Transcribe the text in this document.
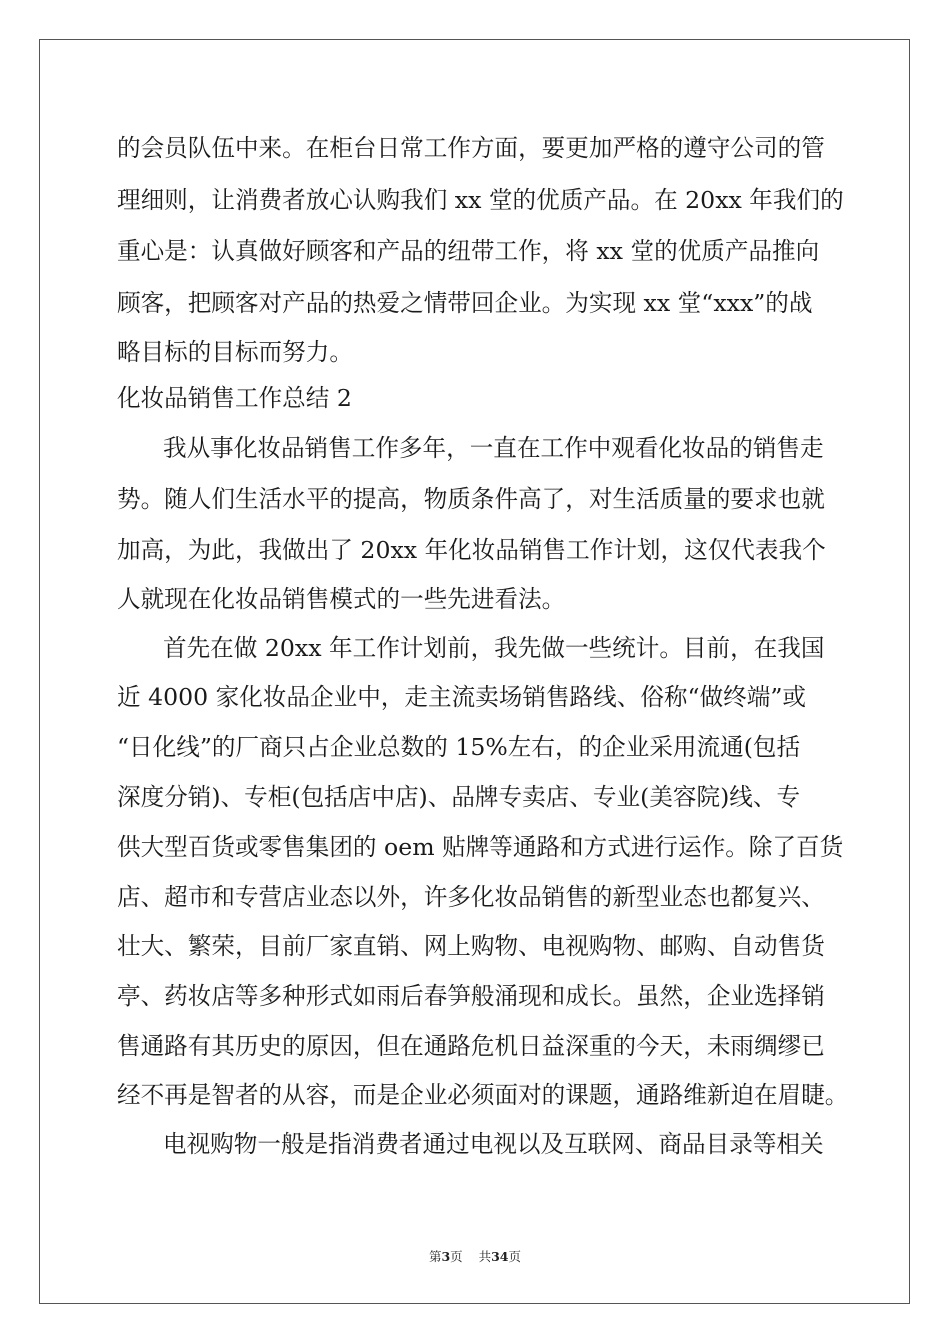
的会员队伍中来。在柜台日常工作方面，要更加严格的遵守公司的管

理细则，让消费者放心认购我们 xx 堂的优质产品。在 20xx 年我们的

重心是：认真做好顾客和产品的纽带工作，将 xx 堂的优质产品推向

顾客，把顾客对产品的热爱之情带回企业。为实现 xx 堂“xxx”的战

略目标的目标而努力。

化妆品销售工作总结 2

我从事化妆品销售工作多年，一直在工作中观看化妆品的销售走

势。随人们生活水平的提高，物质条件高了，对生活质量的要求也就

加高，为此，我做出了 20xx 年化妆品销售工作计划，这仅代表我个

人就现在化妆品销售模式的一些先进看法。

首先在做 20xx 年工作计划前，我先做一些统计。目前，在我国

近 4000 家化妆品企业中，走主流卖场销售路线、俗称“做终端”或

“日化线”的厂商只占企业总数的 15%左右，的企业采用流通(包括

深度分销)、专柜(包括店中店)、品牌专卖店、专业(美容院)线、专

供大型百货或零售集团的 oem 贴牌等通路和方式进行运作。除了百货

店、超市和专营店业态以外，许多化妆品销售的新型业态也都复兴、

壮大、繁荣，目前厂家直销、网上购物、电视购物、邮购、自动售货

亭、药妆店等多种形式如雨后春笋般涌现和成长。虽然，企业选择销

售通路有其历史的原因，但在通路危机日益深重的今天，未雨绸缪已

经不再是智者的从容，而是企业必须面对的课题，通路维新迫在眉睫。

电视购物一般是指消费者通过电视以及互联网、商品目录等相关

第3页 共34页
